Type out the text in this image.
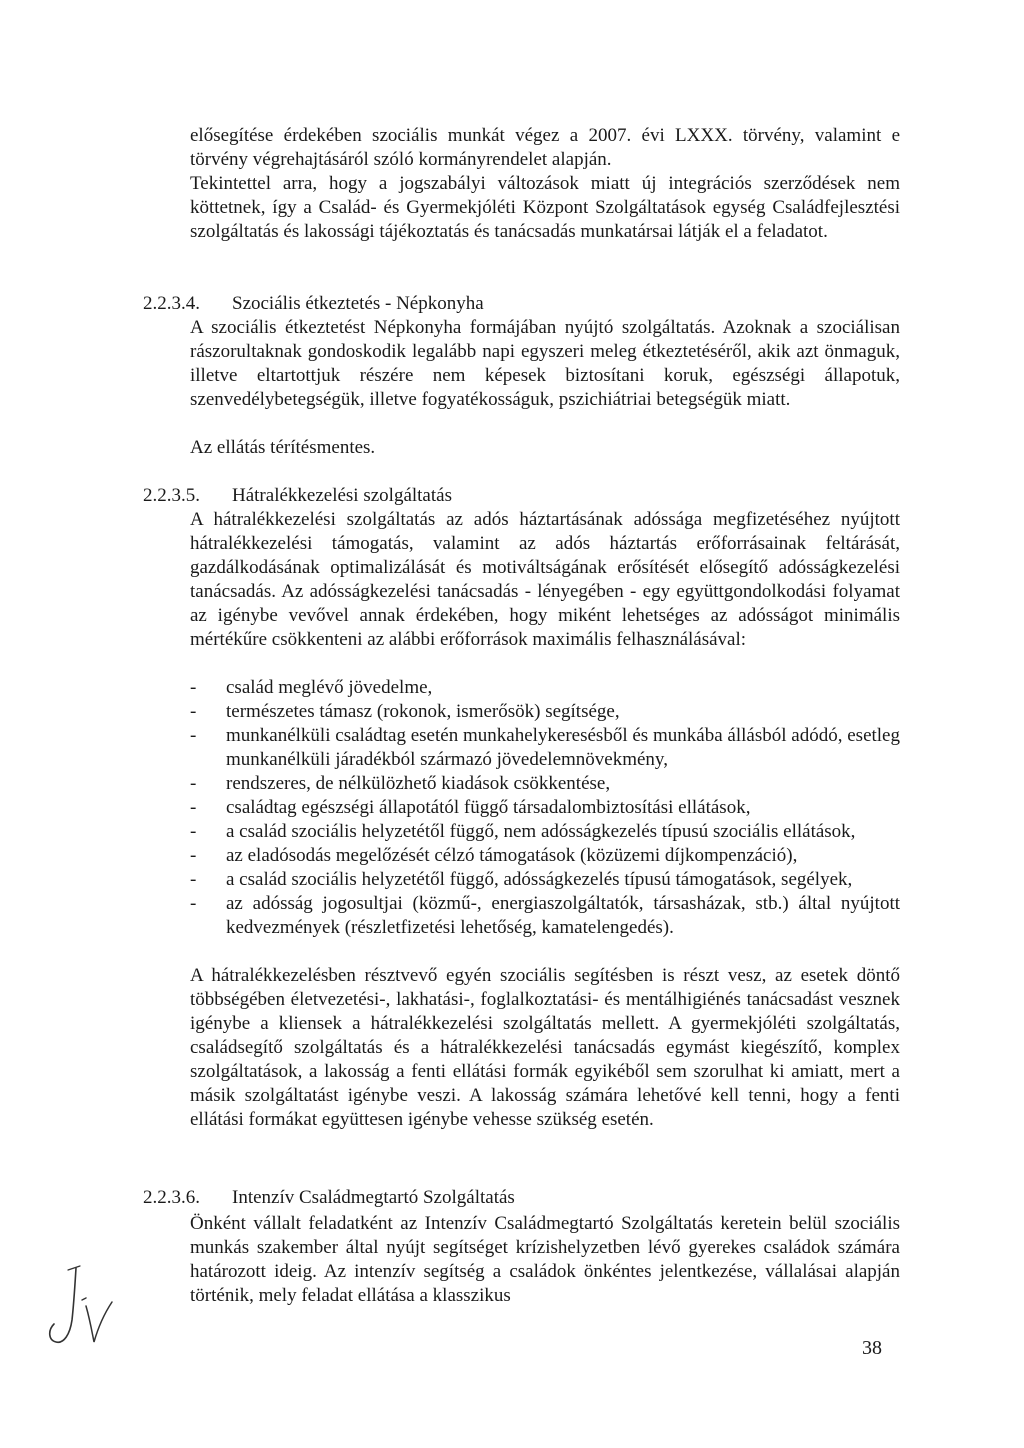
elősegítése érdekében szociális munkát végez a 2007. évi LXXX. törvény, valamint e törvény végrehajtásáról szóló kormányrendelet alapján.

Tekintettel arra, hogy a jogszabályi változások miatt új integrációs szerződések nem köttetnek, így a Család- és Gyermekjóléti Központ Szolgáltatások egység Családfejlesztési szolgáltatás és lakossági tájékoztatás és tanácsadás munkatársai látják el a feladatot.

2.2.3.4. Szociális étkeztetés - Népkonyha

A szociális étkeztetést Népkonyha formájában nyújtó szolgáltatás. Azoknak a szociálisan rászorultaknak gondoskodik legalább napi egyszeri meleg étkeztetéséről, akik azt önmaguk, illetve eltartottjuk részére nem képesek biztosítani koruk, egészségi állapotuk, szenvedélybetegségük, illetve fogyatékosságuk, pszichiátriai betegségük miatt.

Az ellátás térítésmentes.

2.2.3.5. Hátralékkezelési szolgáltatás

A hátralékkezelési szolgáltatás az adós háztartásának adóssága megfizetéséhez nyújtott hátralékkezelési támogatás, valamint az adós háztartás erőforrásainak feltárását, gazdálkodásának optimalizálását és motiváltságának erősítését elősegítő adósságkezelési tanácsadás. Az adósságkezelési tanácsadás - lényegében - egy együttgondolkodási folyamat az igénybe vevővel annak érdekében, hogy miként lehetséges az adósságot minimális mértékűre csökkenteni az alábbi erőforrások maximális felhasználásával:

- család meglévő jövedelme,
- természetes támasz (rokonok, ismerősök) segítsége,
- munkanélküli családtag esetén munkahelykeresésből és munkába állásból adódó, esetleg munkanélküli járadékból származó jövedelemnövekmény,
- rendszeres, de nélkülözhető kiadások csökkentése,
- családtag egészségi állapotától függő társadalombiztosítási ellátások,
- a család szociális helyzetétől függő, nem adósságkezelés típusú szociális ellátások,
- az eladósodás megelőzését célzó támogatások (közüzemi díjkompenzáció),
- a család szociális helyzetétől függő, adósságkezelés típusú támogatások, segélyek,
- az adósság jogosultjai (közmű-, energiaszolgáltatók, társasházak, stb.) által nyújtott kedvezmények (részletfizetési lehetőség, kamatelengedés).

A hátralékkezelésben résztvevő egyén szociális segítésben is részt vesz, az esetek döntő többségében életvezetési-, lakhatási-, foglalkoztatási- és mentálhigiénés tanácsadást vesznek igénybe a kliensek a hátralékkezelési szolgáltatás mellett. A gyermekjóléti szolgáltatás, családsegítő szolgáltatás és a hátralékkezelési tanácsadás egymást kiegészítő, komplex szolgáltatások, a lakosság a fenti ellátási formák egyikéből sem szorulhat ki amiatt, mert a másik szolgáltatást igénybe veszi. A lakosság számára lehetővé kell tenni, hogy a fenti ellátási formákat együttesen igénybe vehesse szükség esetén.

2.2.3.6. Intenzív Családmegtartó Szolgáltatás

Önként vállalt feladatként az Intenzív Családmegtartó Szolgáltatás keretein belül szociális munkás szakember által nyújt segítséget krízishelyzetben lévő gyerekes családok számára határozott ideig. Az intenzív segítség a családok önkéntes jelentkezése, vállalásai alapján történik, mely feladat ellátása a klasszikus

38
